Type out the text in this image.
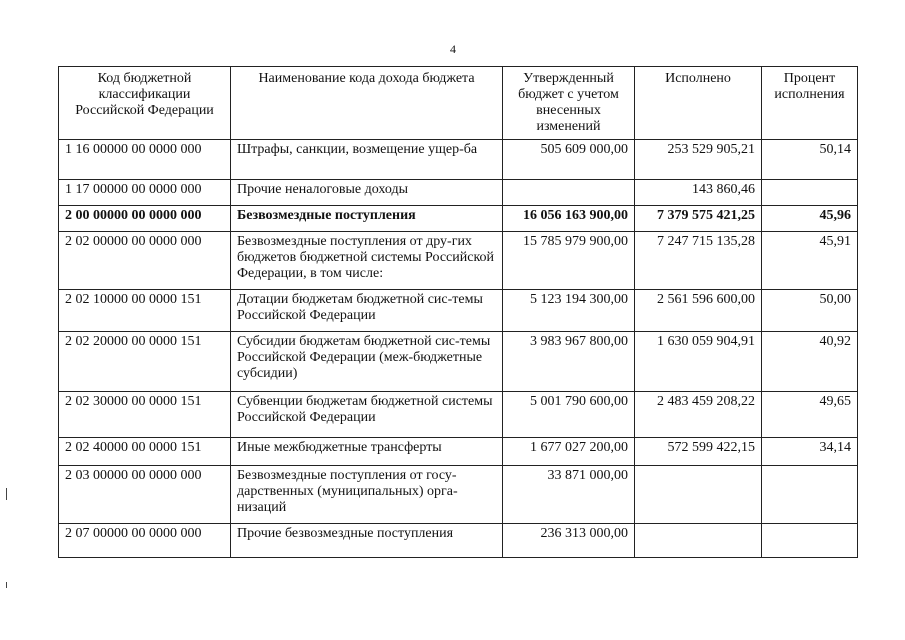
4
Код бюджетной классификации Российской Федерации	Наименование кода дохода бюджета	Утвержденный бюджет с учетом внесенных изменений	Исполнено	Процент исполнения
1 16 00000 00 0000 000	Штрафы, санкции, возмещение ущер-ба	505 609 000,00	253 529 905,21	50,14
1 17 00000 00 0000 000	Прочие неналоговые доходы		143 860,46	
2 00 00000 00 0000 000	Безвозмездные поступления	16 056 163 900,00	7 379 575 421,25	45,96
2 02 00000 00 0000 000	Безвозмездные поступления от дру-гих бюджетов бюджетной системы Российской Федерации, в том числе:	15 785 979 900,00	7 247 715 135,28	45,91
2 02 10000 00 0000 151	Дотации бюджетам бюджетной сис-темы Российской Федерации	5 123 194 300,00	2 561 596 600,00	50,00
2 02 20000 00 0000 151	Субсидии бюджетам бюджетной сис-темы Российской Федерации (меж-бюджетные субсидии)	3 983 967 800,00	1 630 059 904,91	40,92
2 02 30000 00 0000 151	Субвенции бюджетам бюджетной системы Российской Федерации	5 001 790 600,00	2 483 459 208,22	49,65
2 02 40000 00 0000 151	Иные межбюджетные трансферты	1 677 027 200,00	572 599 422,15	34,14
2 03 00000 00 0000 000	Безвозмездные поступления от госу-дарственных (муниципальных) орга-низаций	33 871 000,00		
2 07 00000 00 0000 000	Прочие безвозмездные поступления	236 313 000,00		
